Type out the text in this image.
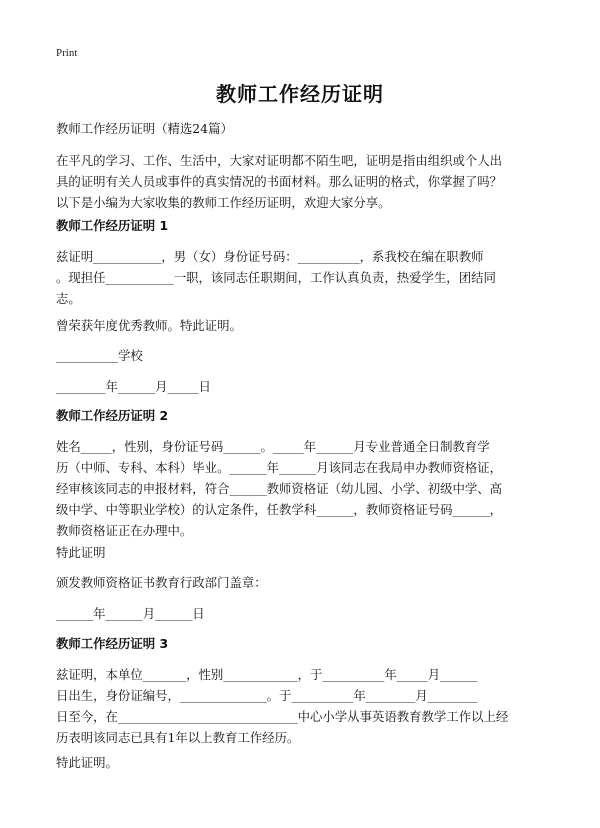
Print
教师工作经历证明
教师工作经历证明（精选24篇）
在平凡的学习、工作、生活中，大家对证明都不陌生吧，证明是指由组织或个人出
具的证明有关人员或事件的真实情况的书面材料。那么证明的格式，你掌握了吗？
以下是小编为大家收集的教师工作经历证明，欢迎大家分享。
教师工作经历证明 1
兹证明___________，男（女）身份证号码：__________，系我校在编在职教师
。现担任___________一职，该同志任职期间，工作认真负责，热爱学生，团结同
志。
曾荣获年度优秀教师。特此证明。
__________学校
________年______月_____日
教师工作经历证明 2
姓名_____，性别，身份证号码______。_____年______月专业普通全日制教育学
历（中师、专科、本科）毕业。______年______月该同志在我局申办教师资格证，
经审核该同志的申报材料，符合______教师资格证（幼儿园、小学、初级中学、高
级中学、中等职业学校）的认定条件，任教学科______，教师资格证号码______，
教师资格证正在办理中。
特此证明
颁发教师资格证书教育行政部门盖章：
______年______月______日
教师工作经历证明 3
兹证明，本单位_______，性别____________，于__________年_____月______
日出生，身份证编号，______________。于__________年________月________
日至今，在_____________________________中心小学从事英语教育教学工作以上经
历表明该同志已具有1年以上教育工作经历。
特此证明。
